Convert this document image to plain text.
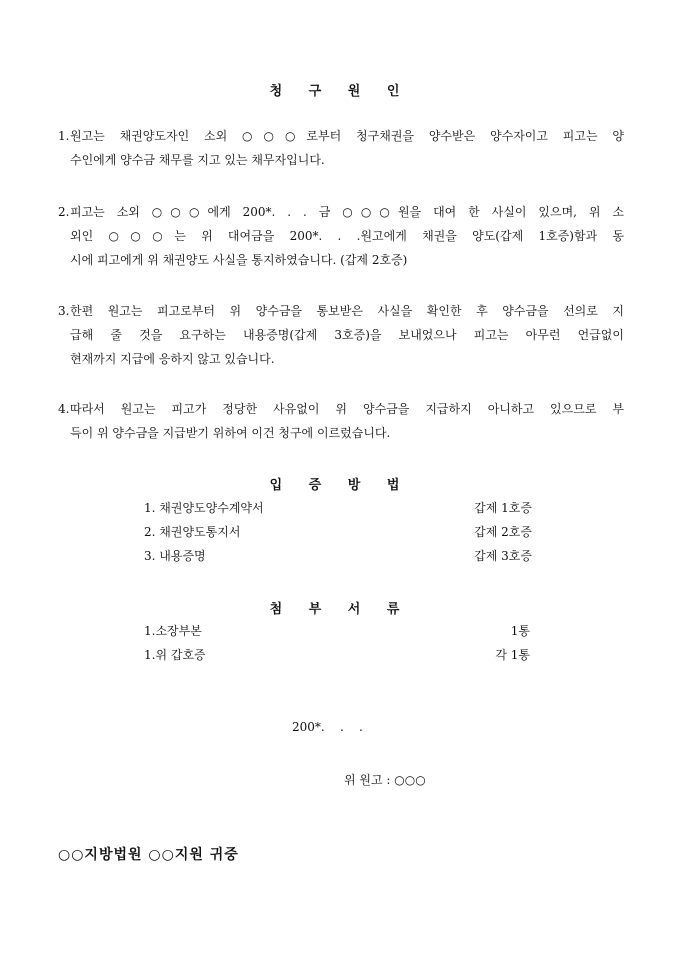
청 구 원 인
1.원고는 채권양도자인 소외 ○○○로부터 청구채권을 양수받은 양수자이고 피고는 양
수인에게 양수금 채무를 지고 있는 채무자입니다.
2.피고는 소외 ○○○에게 200*. . . 금 ○○○원을 대여 한 사실이 있으며, 위 소
외인 ○○○는 위 대여금을 200*. . .원고에게 채권을 양도(갑제 1호증)함과 동
시에 피고에게 위 채권양도 사실을 통지하였습니다. (갑제 2호증)
3.한편 원고는 피고로부터 위 양수금을 통보받은 사실을 확인한 후 양수금을 선의로 지
급해 줄 것을 요구하는 내용증명(갑제 3호증)을 보내었으나 피고는 아무런 언급없이
현재까지 지급에 응하지 않고 있습니다.
4.따라서 원고는 피고가 정당한 사유없이 위 양수금을 지급하지 아니하고 있으므로 부
득이 위 양수금을 지급받기 위하여 이건 청구에 이르렀습니다.
입 증 방 법
1. 채권양도양수계약서	갑제 1호증
2. 채권양도통지서	갑제 2호증
3. 내용증명	갑제 3호증
첨 부 서 류
1.소장부본	1통
1.위 갑호증	각 1통
200*.    .    .
위 원고 : ○○○
○○지방법원 ○○지원 귀중
